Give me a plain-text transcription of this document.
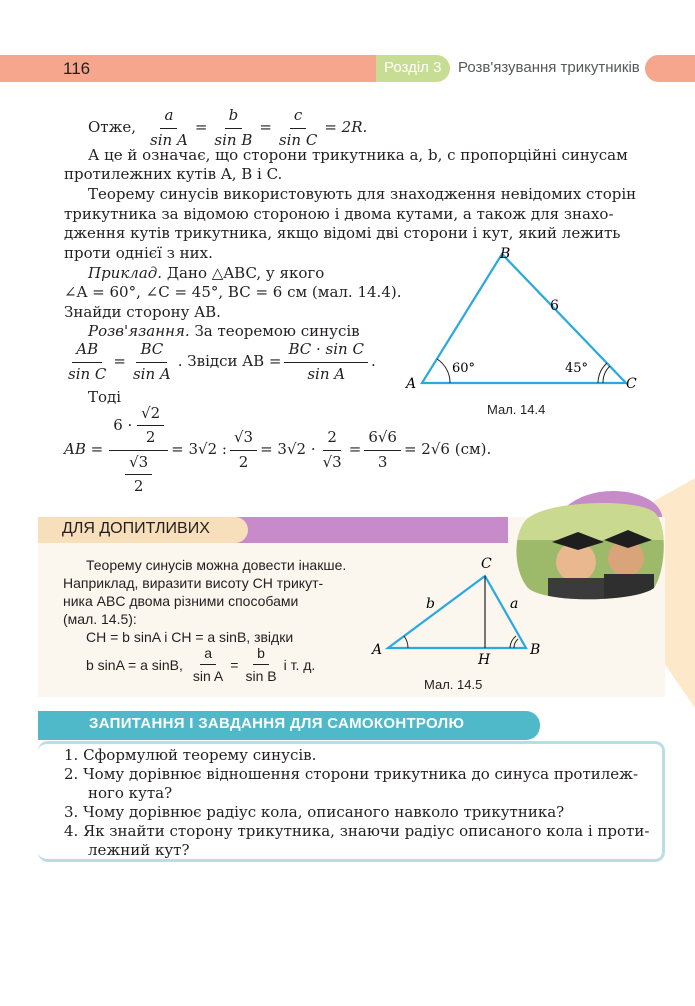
116	Розділ 3 Розв'язування трикутників
Отже, $\frac{a}{\text{sin A}} = \frac{b}{\text{sin B}} = \frac{c}{\text{sin C}} = 2R$.
А це й означає, що сторони трикутника a, b, c пропорційні синусам
протилежних кутів A, B і C.
Теорему синусів використовують для знаходження невідомих сторін
трикутника за відомою стороною і двома кутами, а також для знахо-
дження кутів трикутника, якщо відомі дві сторони і кут, який лежить
проти однієї з них.
Приклад. Дано △ABC, у якого
∠A = 60°, ∠C = 45°, BC = 6 см (мал. 14.4).
Знайди сторону AB.
Розв'язання. За теоремою синусів
$\frac{AB}{\text{sin C}} = \frac{BC}{\text{sin A}}$ . Звідси AB = $\frac{\text{BC · sin C}}{\text{sin A}}$ .
Тоді
AB = $\frac{6 \cdot \frac{√2}{2}}{\frac{√3}{2}} = 3√2$ : $\frac{√3}{2} = 3√2 \cdot \frac{2}{√3} = \frac{6√6}{3} = 2√6$ (см).
B
A	C
6
60°	45°
Мал. 14.4
ДЛЯ ДОПИТЛИВИХ
Теорему синусів можна довести інакше.
Наприклад, виразити висоту CH трикут-
ника ABC двома різними способами
(мал. 14.5):
CH = b sinA і CH = a sinB, звідки
b sinA = a sinB, $\frac{a}{\text{sin A}} = \frac{b}{\text{sin B}}$ і т. д.
C
A	B
H
a
b
Мал. 14.5
ЗАПИТАННЯ І ЗАВДАННЯ ДЛЯ САМОКОНТРОЛЮ
1. Сформулюй теорему синусів.
2. Чому дорівнює відношення сторони трикутника до синуса протилеж-
ного кута?
3. Чому дорівнює радіус кола, описаного навколо трикутника?
4. Як знайти сторону трикутника, знаючи радіус описаного кола і проти-
лежний кут?
